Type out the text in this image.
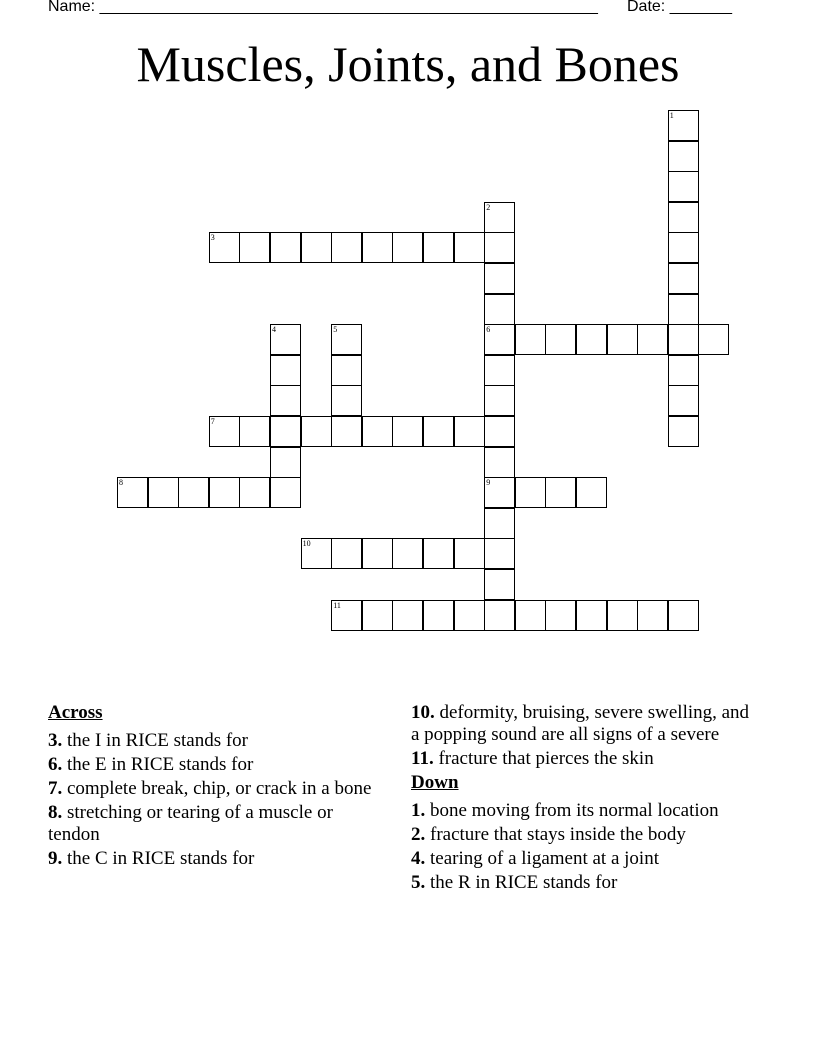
Name: ________________________________________________________ Date: _______
Muscles, Joints, and Bones
1
2
6
9
3
4	5
7
8
10
11
Across
3. the I in RICE stands for
6. the E in RICE stands for
7. complete break, chip, or crack in a bone
8. stretching or tearing of a muscle or tendon
9. the C in RICE stands for
10. deformity, bruising, severe swelling, and a popping sound are all signs of a severe
11. fracture that pierces the skin
Down
1. bone moving from its normal location
2. fracture that stays inside the body
4. tearing of a ligament at a joint
5. the R in RICE stands for
